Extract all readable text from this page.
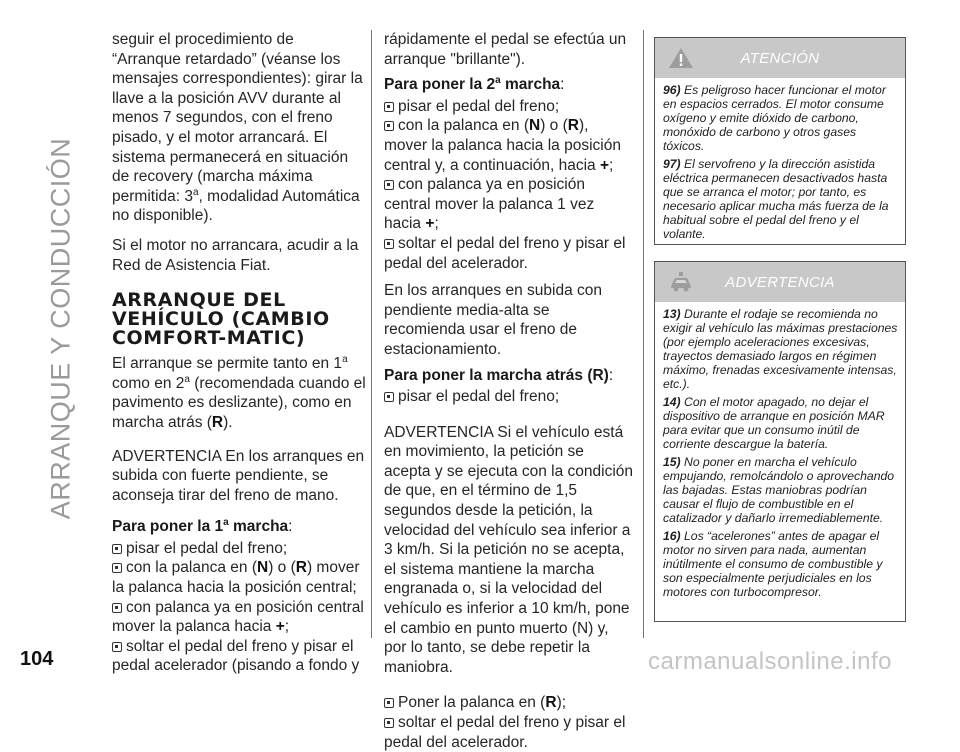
ARRANQUE Y CONDUCCIÓN

seguir el procedimiento de “Arranque retardado” (véanse los mensajes correspondientes): girar la llave a la posición AVV durante al menos 7 segundos, con el freno pisado, y el motor arrancará. El sistema permanecerá en situación de recovery (marcha máxima permitida: 3$^a$, modalidad Automática no disponible).

Si el motor no arrancara, acudir a la Red de Asistencia Fiat.

ARRANQUE DEL VEHÍCULO (CAMBIO COMFORT-MATIC)

El arranque se permite tanto en 1$^a$
como en 2$^a$ (recomendada cuando el pavimento es deslizante), como en marcha atrás (R).

ADVERTENCIA En los arranques en subida con fuerte pendiente, se aconseja tirar del freno de mano.

Para poner la 1$^a$ marcha:
pisar el pedal del freno;
con la palanca en (N) o (R) mover la palanca hacia la posición central;
con palanca ya en posición central mover la palanca hacia +;
soltar el pedal del freno y pisar el pedal acelerador (pisando a fondo y

rápidamente el pedal se efectúa un arranque "brillante").

Para poner la 2$^a$ marcha:
pisar el pedal del freno;
con la palanca en (N) o (R), mover la palanca hacia la posición central y, a continuación, hacia +;
con palanca ya en posición central mover la palanca 1 vez hacia +;
soltar el pedal del freno y pisar el pedal del acelerador.

En los arranques en subida con pendiente media-alta se recomienda usar el freno de estacionamiento.

Para poner la marcha atrás (R):
pisar el pedal del freno;

ADVERTENCIA Si el vehículo está en movimiento, la petición se acepta y se ejecuta con la condición de que, en el término de 1,5 segundos desde la petición, la velocidad del vehículo sea inferior a 3 km/h. Si la petición no se acepta, el sistema mantiene la marcha engranada o, si la velocidad del vehículo es inferior a 10 km/h, pone el cambio en punto muerto (N) y, por lo tanto, se debe repetir la maniobra.

Poner la palanca en (R);
soltar el pedal del freno y pisar el pedal del acelerador.
ATENCIÓN

96) Es peligroso hacer funcionar el motor en espacios cerrados. El motor consume oxígeno y emite dióxido de carbono, monóxido de carbono y otros gases tóxicos.

97) El servofreno y la dirección asistida eléctrica permanecen desactivados hasta que se arranca el motor; por tanto, es necesario aplicar mucha más fuerza de la habitual sobre el pedal del freno y el volante.

ADVERTENCIA

13) Durante el rodaje se recomienda no exigir al vehículo las máximas prestaciones (por ejemplo aceleraciones excesivas, trayectos demasiado largos en régimen máximo, frenadas excesivamente intensas, etc.).

14) Con el motor apagado, no dejar el dispositivo de arranque en posición MAR para evitar que un consumo inútil de corriente descargue la batería.

15) No poner en marcha el vehículo empujando, remolcándolo o aprovechando las bajadas. Estas maniobras podrían causar el flujo de combustible en el catalizador y dañarlo irremediablemente.

16) Los “acelerones” antes de apagar el motor no sirven para nada, aumentan inútilmente el consumo de combustible y son especialmente perjudiciales en los motores con turbocompresor.

104	carmanualsonline.info
